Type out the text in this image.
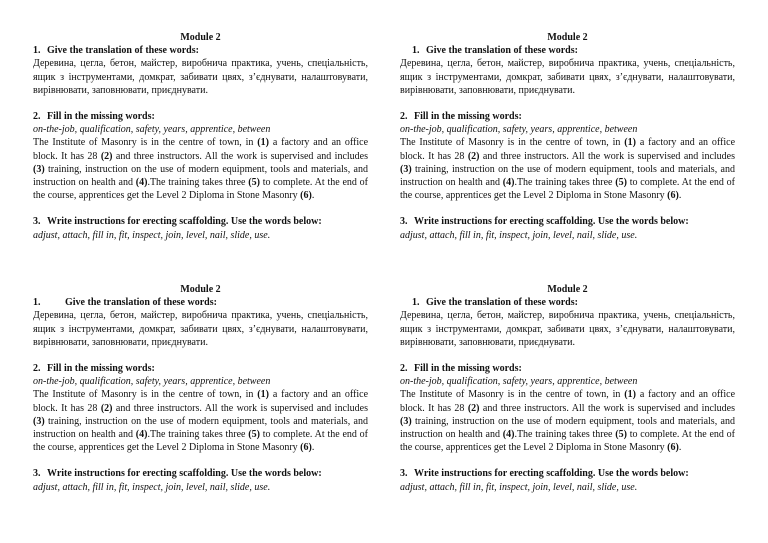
Module 2

1. Give the translation of these words:

Деревина, цегла, бетон, майстер, виробнича практика, учень, спеціальність, ящик з інструментами, домкрат, забивати цвях, з’єднувати, налаштовувати, вирівнювати, заповнювати, приєднувати.

2. Fill in the missing words:

on-the-job, qualification, safety, years, apprentice, between

The Institute of Masonry is in the centre of town, in (1) a factory and an office block. It has 28 (2) and three instructors. All the work is supervised and includes (3) training, instruction on the use of modern equipment, tools and materials, and instruction on health and (4).The training takes three (5) to complete. At the end of the course, apprentices get the Level 2 Diploma in Stone Masonry (6).

3. Write instructions for erecting scaffolding. Use the words below:

adjust, attach, fill in, fit, inspect, join, level, nail, slide, use.

Module 2

1. Give the translation of these words:

Деревина, цегла, бетон, майстер, виробнича практика, учень, спеціальність, ящик з інструментами, домкрат, забивати цвях, з’єднувати, налаштовувати, вирівнювати, заповнювати, приєднувати.

2. Fill in the missing words:

on-the-job, qualification, safety, years, apprentice, between

The Institute of Masonry is in the centre of town, in (1) a factory and an office block. It has 28 (2) and three instructors. All the work is supervised and includes (3) training, instruction on the use of modern equipment, tools and materials, and instruction on health and (4).The training takes three (5) to complete. At the end of the course, apprentices get the Level 2 Diploma in Stone Masonry (6).

3. Write instructions for erecting scaffolding. Use the words below:

adjust, attach, fill in, fit, inspect, join, level, nail, slide, use.

Module 2

1. Give the translation of these words:

Деревина, цегла, бетон, майстер, виробнича практика, учень, спеціальність, ящик з інструментами, домкрат, забивати цвях, з’єднувати, налаштовувати, вирівнювати, заповнювати, приєднувати.

2. Fill in the missing words:

on-the-job, qualification, safety, years, apprentice, between

The Institute of Masonry is in the centre of town, in (1) a factory and an office block. It has 28 (2) and three instructors. All the work is supervised and includes (3) training, instruction on the use of modern equipment, tools and materials, and instruction on health and (4).The training takes three (5) to complete. At the end of the course, apprentices get the Level 2 Diploma in Stone Masonry (6).

3. Write instructions for erecting scaffolding. Use the words below:

adjust, attach, fill in, fit, inspect, join, level, nail, slide, use.

Module 2

1. Give the translation of these words:

Деревина, цегла, бетон, майстер, виробнича практика, учень, спеціальність, ящик з інструментами, домкрат, забивати цвях, з’єднувати, налаштовувати, вирівнювати, заповнювати, приєднувати.

2. Fill in the missing words:

on-the-job, qualification, safety, years, apprentice, between

The Institute of Masonry is in the centre of town, in (1) a factory and an office block. It has 28 (2) and three instructors. All the work is supervised and includes (3) training, instruction on the use of modern equipment, tools and materials, and instruction on health and (4).The training takes three (5) to complete. At the end of the course, apprentices get the Level 2 Diploma in Stone Masonry (6).

3. Write instructions for erecting scaffolding. Use the words below:

adjust, attach, fill in, fit, inspect, join, level, nail, slide, use.
